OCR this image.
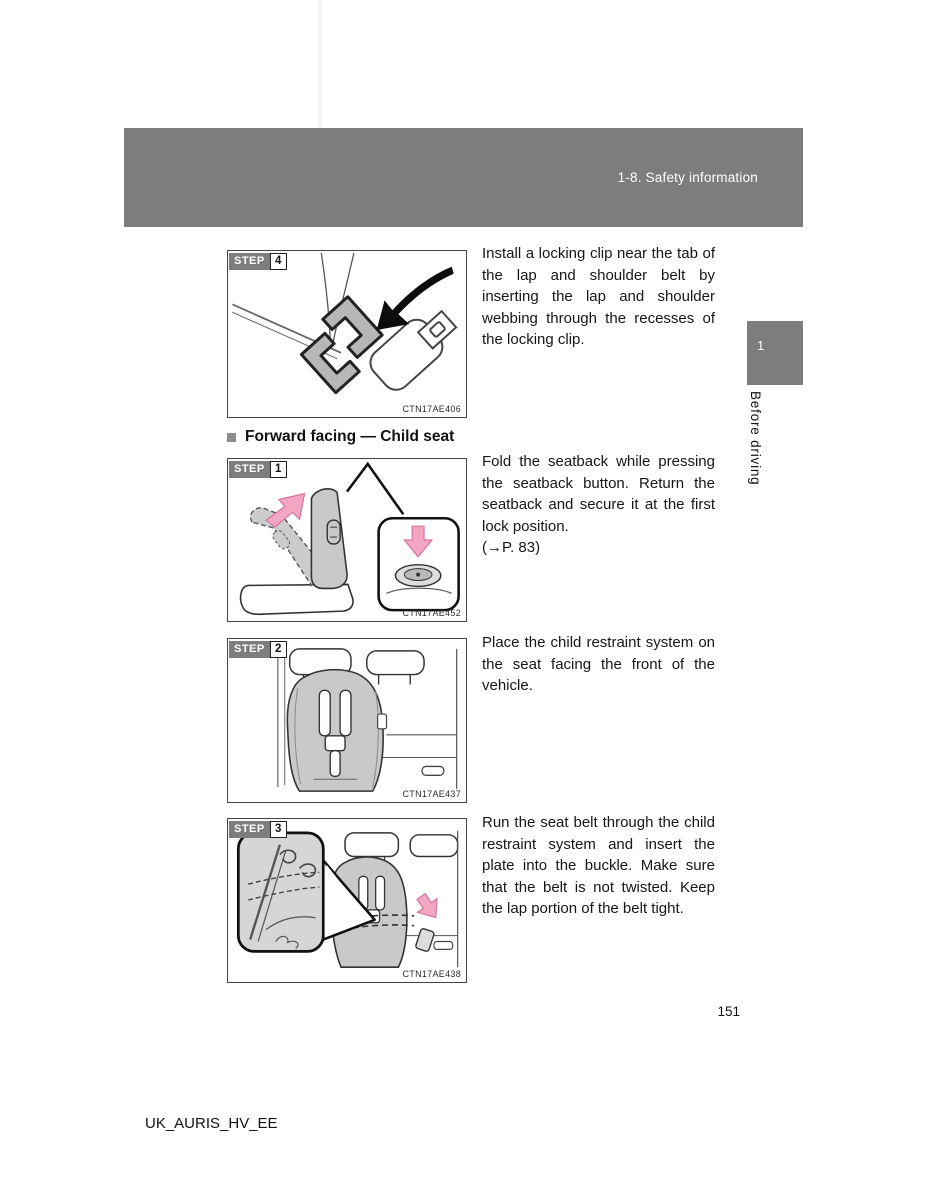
1-8. Safety information
STEP 4
CTN17AE406
Install a locking clip near the tab of the lap and shoulder belt by inserting the lap and shoulder webbing through the recesses of the locking clip.
Forward facing — Child seat
STEP 1
CTN17AE452
Fold the seatback while pressing the seatback button. Return the seatback and secure it at the first lock position.
(→P. 83)
STEP 2
CTN17AE437
Place the child restraint system on the seat facing the front of the vehicle.
STEP 3
CTN17AE438
Run the seat belt through the child restraint system and insert the plate into the buckle. Make sure that the belt is not twisted. Keep the lap portion of the belt tight.
1
Before driving
151
UK_AURIS_HV_EE
